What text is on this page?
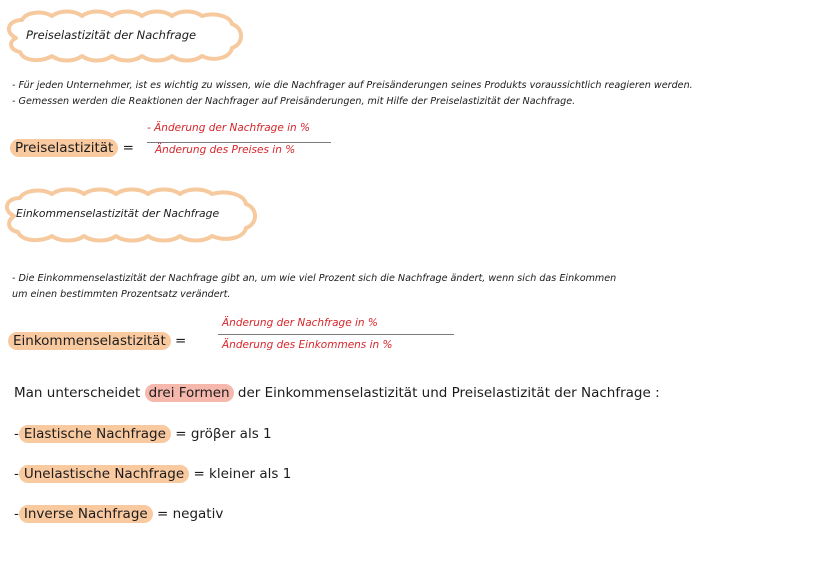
Preiselastizität der Nachfrage
- Für jeden Unternehmer, ist es wichtig zu wissen, wie die Nachfrager auf Preisänderungen seines Produkts voraussichtlich reagieren werden.
- Gemessen werden die Reaktionen der Nachfrager auf Preisänderungen, mit Hilfe der Preiselastizität der Nachfrage.
Preiselastizität =
- Änderung der Nachfrage in %
Änderung des Preises in %
Einkommenselastizität der Nachfrage
- Die Einkommenselastizität der Nachfrage gibt an, um wie viel Prozent sich die Nachfrage ändert, wenn sich das Einkommen
um einen bestimmten Prozentsatz verändert.
Einkommenselastizität =
Änderung der Nachfrage in %
Änderung des Einkommens in %
Man unterscheidet drei Formen der Einkommenselastizität und Preiselastizität der Nachfrage :
- Elastische Nachfrage = gröβer als 1
- Unelastische Nachfrage = kleiner als 1
- Inverse Nachfrage = negativ
